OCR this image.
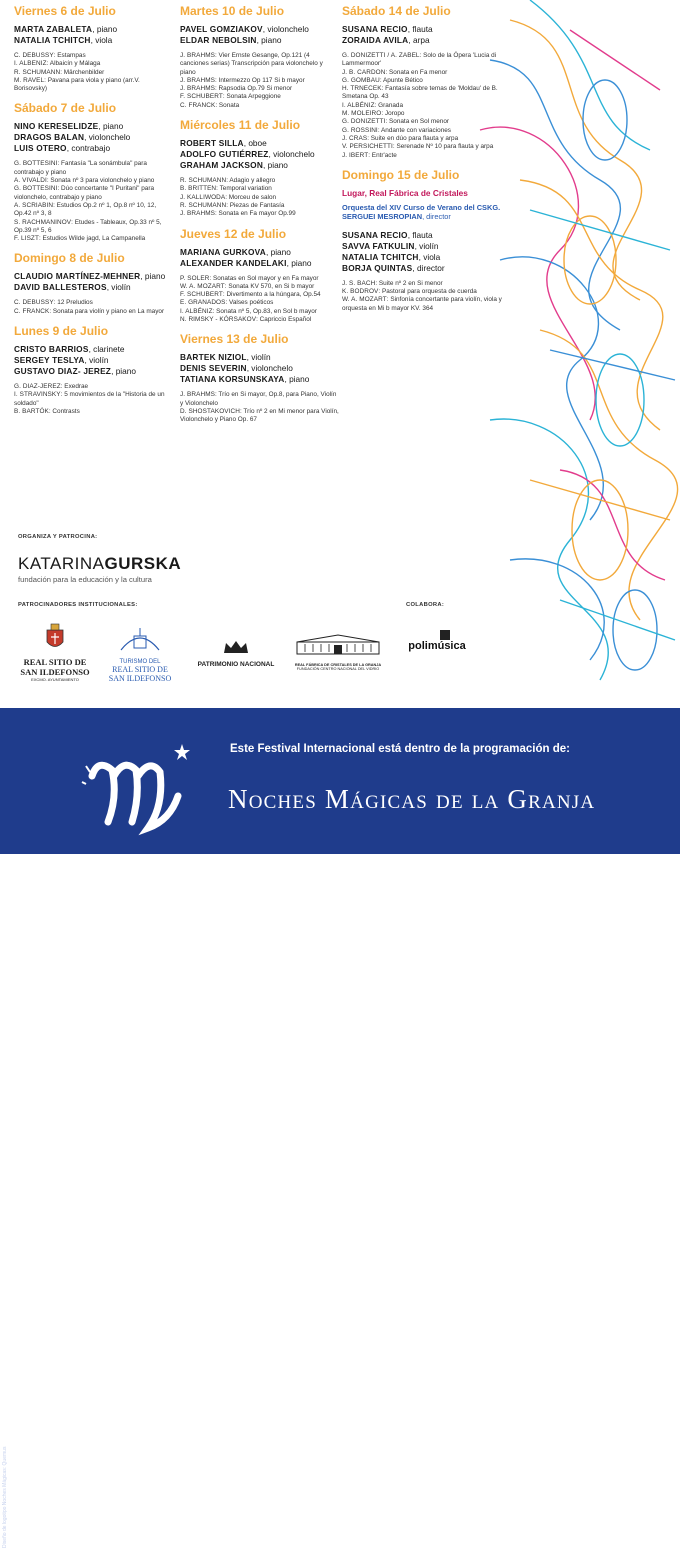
Viernes 6 de Julio
MARTA ZABALETA, piano
NATALIA TCHITCH, viola
C. DEBUSSY: Estampas
I. ALBENIZ: Albaicín y Málaga
R. SCHUMANN: Märchenbilder
M. RAVEL: Pavana para viola y piano (arr.V. Borisovsky)
Sábado 7 de Julio
NINO KERESELIDZE, piano
DRAGOS BALAN, violonchelo
LUIS OTERO, contrabajo
G. BOTTESINI: Fantasía "La sonámbula" para contrabajo y piano
A. VIVALDI: Sonata nº 3 para violonchelo y piano
G. BOTTESINI: Dúo concertante "I Puritani" para violonchelo, contrabajo y piano
A. SCRIABIN: Estudios Op.2 nº 1, Op.8 nº 10, 12, Op.42 nº 3, 8
S. RACHMANINOV: Etudes - Tableaux, Op.33 nº 5, Op.39 nº 5, 6
F. LISZT: Estudios Wilde jagd, La Campanella
Domingo 8 de Julio
CLAUDIO MARTÍNEZ-MEHNER, piano
DAVID BALLESTEROS, violín
C. DEBUSSY: 12 Preludios
C. FRANCK: Sonata para violín y piano en La mayor
Lunes 9 de Julio
CRISTO BARRIOS, clarinete
SERGEY TESLYA, violín
GUSTAVO DIAZ- JEREZ, piano
G. DIAZ-JEREZ: Exedrae
I. STRAVINSKY: 5 movimientos de la "Historia de un soldado"
B. BARTÓK: Contrasts
Martes 10 de Julio
PAVEL GOMZIAKOV, violonchelo
ELDAR NEBOLSIN, piano
J. BRAHMS: Vier Ernste Gesange, Op.121 (4 canciones serias) Transcripción para violonchelo y piano
J. BRAHMS: Intermezzo Op 117 Si b mayor
J. BRAHMS: Rapsodia Op.79 Si menor
F. SCHUBERT: Sonata Arpeggione
C. FRANCK: Sonata
Miércoles 11 de Julio
ROBERT SILLA, oboe
ADOLFO GUTIÉRREZ, violonchelo
GRAHAM JACKSON, piano
R. SCHUMANN: Adagio y allegro
B. BRITTEN: Temporal variation
J. KALLIWODA: Morceu de salon
R. SCHUMANN: Piezas de Fantasía
J. BRAHMS: Sonata en Fa mayor Op.99
Jueves 12 de Julio
MARIANA GURKOVA, piano
ALEXANDER KANDELAKI, piano
P. SOLER: Sonatas en Sol mayor y en Fa mayor
W. A. MOZART: Sonata KV 570, en Si b mayor
F. SCHUBERT: Divertimento a la húngara, Op.54
E. GRANADOS: Valses poéticos
I. ALBÉNIZ: Sonata nº 5, Op.83, en Sol b mayor
N. RIMSKY - KÓRSAKOV: Capriccio Español
Viernes 13 de Julio
BARTEK NIZIOL, violín
DENIS SEVERIN, violonchelo
TATIANA KORSUNSKAYA, piano
J. BRAHMS: Trío en Si mayor, Op.8, para Piano, Violín y Violonchelo
D. SHOSTAKOVICH: Trío nº 2 en Mi menor para Violín, Violonchelo y Piano Op. 67
Sábado 14 de Julio
SUSANA RECIO, flauta
ZORAIDA AVILA, arpa
G. DONIZETTI / A. ZABEL: Solo de la Ópera 'Lucia di Lammermoor'
J. B. CARDON: Sonata en Fa menor
G. GOMBAU: Apunte Bético
H. TRNECEK: Fantasía sobre temas de 'Moldau' de B. Smetana Op. 43
I. ALBÉNIZ: Granada
M. MOLEIRO: Joropo
G. DONIZETTI: Sonata en Sol menor
G. ROSSINI: Andante con variaciones
J. CRAS: Suite en dúo para flauta y arpa
V. PERSICHETTI: Serenade Nº 10 para flauta y arpa
J. IBERT: Entr'acte
Domingo 15 de Julio
Lugar, Real Fábrica de Cristales
Orquesta del XIV Curso de Verano del CSKG.
SERGUEI MESROPIAN, director
SUSANA RECIO, flauta
SAVVA FATKULIN, violín
NATALIA TCHITCH, viola
BORJA QUINTAS, director
J. S. BACH: Suite nº 2 en Si menor
K. BODROV: Pastoral para orquesta de cuerda
W. A. MOZART: Sinfonía concertante para violín, viola y orquesta en Mi b mayor KV. 364
ORGANIZA Y PATROCINA:
KATARINAGURSKA
fundación para la educación y la cultura
PATROCINADORES INSTITUCIONALES:	COLABORA:
REAL SITIO DE
SAN ILDEFONSO
EXCMO. AYUNTAMIENTO
TURISMO DEL
REAL SITIO DE
SAN ILDEFONSO
PATRIMONIO NACIONAL	REAL FÁBRICA DE CRISTALES DE LA GRANJA
FUNDACIÓN CENTRO NACIONAL DEL VIDRIO
polimúsica
Este Festival Internacional está dentro de la programación de:
Noches Mágicas de la Granja
Diseño de logotipo Noches Mágicas: Quemus
